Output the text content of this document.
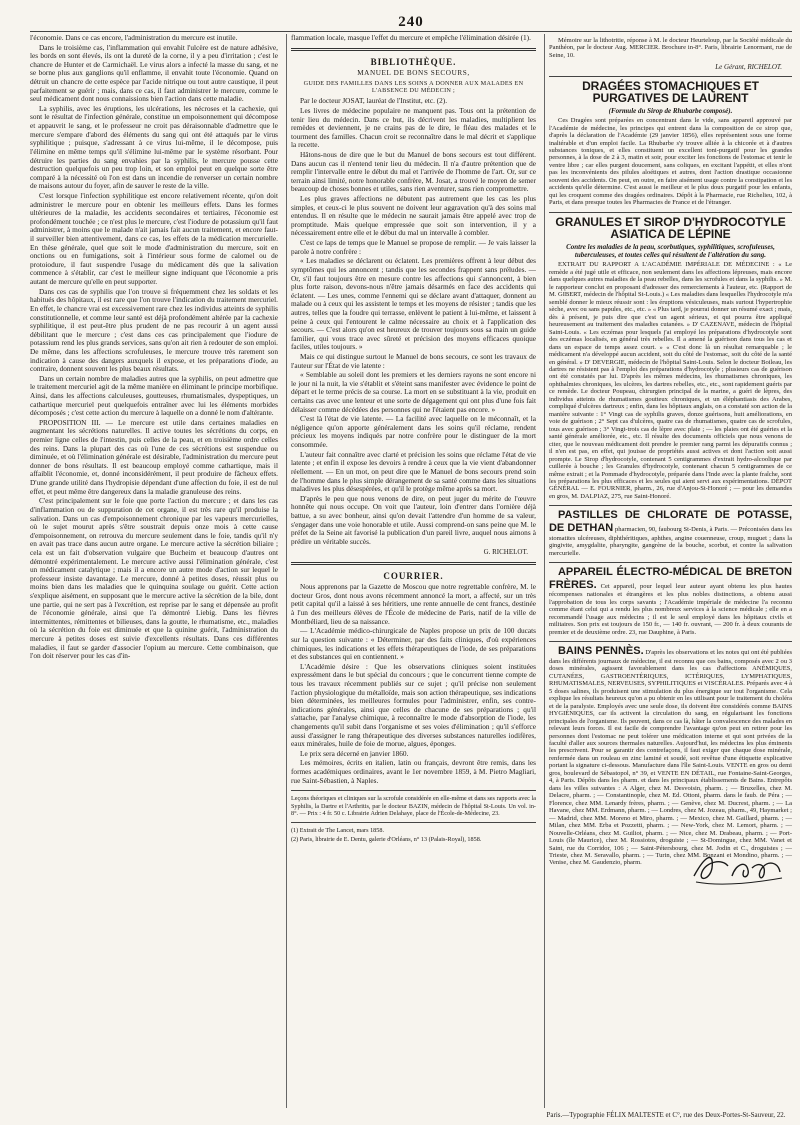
240

l'économie. Dans ce cas encore, l'administration du mercure est inutile.

Dans le troisième cas, l'inflammation qui envahit l'ulcère est de nature adhésive, les bords en sont élevés, ils ont la dureté de la corne, il y a peu d'irritation ; c'est le chancre de Hunter et de Carmichaël. Le virus alors a infecté la masse du sang, et ne se borne plus aux ganglions qu'il enflamme, il envahit toute l'économie. Quand on détruit un chancre de cette espèce par l'acide nitrique ou tout autre caustique, il peut parfaitement se guérir ; mais, dans ce cas, il faut administrer le mercure, comme le seul médicament dont nous connaissions bien l'action dans cette maladie.

La syphilis, avec les éruptions, les ulcérations, les nécroses et la cachexie, qui sont le résultat de l'infection générale, constitue un empoisonnement qui décompose et appauvrit le sang, et le professeur ne croit pas déraisonnable d'admettre que le mercure s'empare d'abord des éléments du sang qui ont été attaqués par le virus syphilitique ; puisque, s'adressant à ce virus lui-même, il le décompose, puis l'élimine en même temps qu'il s'élimine lui-même par le système résorbant. Pour détruire les parties du sang envahies par la syphilis, le mercure pousse cette destruction quelquefois un peu trop loin, et son emploi peut en quelque sorte être comparé à la nécessité où l'on est dans un incendie de renverser un certain nombre de maisons autour du foyer, afin de sauver le reste de la ville.

C'est lorsque l'infection syphilitique est encore relativement récente, qu'on doit administrer le mercure pour en obtenir les meilleurs effets. Dans les formes ultérieures de la maladie, les accidents secondaires et tertiaires, l'économie est profondément touchée ; ce n'est plus le mercure, c'est l'iodure de potassium qu'il faut administrer, à moins que le malade n'ait jamais fait aucun traitement, et encore faut-il surveiller bien attentivement, dans ce cas, les effets de la médication mercurielle. En thèse générale, quel que soit le mode d'administration du mercure, soit en onctions ou en fumigations, soit à l'intérieur sous forme de calomel ou de protoiodure, il faut suspendre l'usage du médicament dès que la salivation commence à s'établir, car c'est le meilleur signe indiquant que l'économie a pris autant de mercure qu'elle en peut supporter.

Dans ces cas de syphilis que l'on trouve si fréquemment chez les soldats et les habitués des hôpitaux, il est rare que l'on trouve l'indication du traitement mercuriel. En effet, le chancre vrai est excessivement rare chez les individus atteints de syphilis constitutionnelle, et comme leur santé est déjà profondément altérée par la cachexie syphilitique, il est peut-être plus prudent de ne pas recourir à un agent aussi débilitant que le mercure ; c'est dans ces cas principalement que l'iodure de potassium rend les plus grands services, sans qu'on ait rien à redouter de son emploi. De même, dans les affections scrofuleuses, le mercure trouve très rarement son indication à cause des dangers auxquels il expose, et les préparations d'iode, au contraire, donnent souvent les plus beaux résultats.

Dans un certain nombre de maladies autres que la syphilis, on peut admettre que le traitement mercuriel agit de la même manière en éliminant le principe morbifique. Ainsi, dans les affections calculeuses, goutteuses, rhumatismales, dyspeptiques, un cathartique mercuriel peut quelquefois entraîner avec lui les éléments morbides décomposés ; c'est cette action du mercure à laquelle on a donné le nom d'altérante.

PROPOSITION III. — Le mercure est utile dans certaines maladies en augmentant les sécrétions naturelles. Il active toutes les sécrétions du corps, en premier ligne celles de l'intestin, puis celles de la peau, et en troisième ordre celles des reins. Dans la plupart des cas où l'une de ces sécrétions est suspendue ou diminuée, et où l'élimination générale est désirable, l'administration du mercure peut donner de bons résultats. Il est beaucoup employé comme cathartique, mais il affaiblit l'économie, et, donné inconsidérément, il peut produire de fâcheux effets. D'une grande utilité dans l'hydropisie dépendant d'une affection du foie, il est de nul effet, et peut même être dangereux dans la maladie granuleuse des reins.

C'est principalement sur le foie que porte l'action du mercure ; et dans les cas d'inflammation ou de suppuration de cet organe, il est très rare qu'il produise la salivation. Dans un cas d'empoisonnement chronique par les vapeurs mercurielles, où le sujet mourut après s'être soustrait depuis onze mois à cette cause d'empoisonnement, on retrouva du mercure seulement dans le foie, tandis qu'il n'y en avait pas trace dans aucun autre organe. Le mercure active la sécrétion biliaire ; cela est un fait d'observation vulgaire que Bucheim et beaucoup d'autres ont démontré expérimentalement. Le mercure active aussi l'élimination générale, c'est un médicament catalytique ; mais il a encore un autre mode d'action sur lequel le professeur insiste davantage. Le mercure, donné à petites doses, réussit plus ou moins bien dans les maladies que le quinquina soulage ou guérit. Cette action s'explique aisément, en supposant que le mercure active la sécrétion de la bile, dont une partie, qui ne sert pas à l'excrétion, est reprise par le sang et dépensée au profit de l'économie générale, ainsi que l'a démontré Liebig. Dans les fièvres intermittentes, rémittentes et bilieuses, dans la goutte, le rhumatisme, etc., maladies où la sécrétion du foie est diminuée et que la quinine guérit, l'administration du mercure à petites doses est suivie d'excellents résultats. Dans ces différentes maladies, il faut se garder d'associer l'opium au mercure. Cette combinaison, que l'on doit réserver pour les cas d'in-

flammation locale, masque l'effet du mercure et empêche l'élimination désirée (1).

BIBLIOTHÈQUE.
MANUEL DE BONS SECOURS,
GUIDE DES FAMILLES DANS LES SOINS A DONNER AUX MALADES EN L'ABSENCE DU MÉDECIN ;

Par le docteur JOSAT, lauréat de l'Institut, etc. (2).

Les livres de médecine populaire ne manquent pas. Tous ont la prétention de tenir lieu du médecin. Dans ce but, ils décrivent les maladies, multiplient les remèdes et deviennent, je ne crains pas de le dire, le fléau des malades et le tourment des familles. Chacun croit se reconnaître dans le mal décrit et s'applique la recette.

Hâtons-nous de dire que le but du Manuel de bons secours est tout différent. Dans aucun cas il n'entend tenir lieu du médecin. Il n'a d'autre prétention que de remplir l'intervalle entre le début du mal et l'arrivée de l'homme de l'art. Or, sur ce terrain ainsi limité, notre honorable confrère, M. Josat, a trouvé le moyen de semer beaucoup de choses bonnes et utiles, sans rien aventurer, sans rien compromettre.

Les plus graves affections ne débutent pas autrement que les cas les plus simples, et ceux-ci le plus souvent ne doivent leur aggravation qu'à des soins mal entendus. Il en résulte que le médecin ne saurait jamais être appelé avec trop de promptitude. Mais quelque empressée que soit son intervention, il y a nécessairement entre elle et le début du mal un intervalle à combler.

C'est ce laps de temps que le Manuel se propose de remplir. — Je vais laisser la parole à notre confrère :

« Les maladies se déclarent ou éclatent. Les premières offrent à leur début des symptômes qui les annoncent ; tandis que les secondes frappent sans préludes. — Or, s'il faut toujours être en mesure contre les affections qui s'annoncent, à bien plus forte raison, devons-nous n'être jamais désarmés en face des accidents qui éclatent. — Les unes, comme l'ennemi qui se déclare avant d'attaquer, donnent au malade ou à ceux qui les assistent le temps et les moyens de résister ; tandis que les autres, telles que la foudre qui terrasse, enlèvent le patient à lui-même, et laissent à peine à ceux qui l'entourent le calme nécessaire au choix et à l'application des secours. — C'est alors qu'on est heureux de trouver toujours sous sa main un guide familier, qui vous trace avec sûreté et précision des moyens efficaces quoique faciles, utiles toujours. »

Mais ce qui distingue surtout le Manuel de bons secours, ce sont les travaux de l'auteur sur l'État de vie latente :

« Semblable au soleil dont les premiers et les derniers rayons ne sont encore ni le jour ni la nuit, la vie s'établit et s'éteint sans manifester avec évidence le point de départ et le terme précis de sa course. La mort en se substituant à la vie, produit en certains cas avec une lenteur et une sorte de dégagement qui ont plus d'une fois fait délaisser comme décédées des personnes qui ne l'étaient pas encore. »

C'est là l'état de vie latente. — La facilité avec laquelle on le méconnaît, et la négligence qu'on apporte généralement dans les soins qu'il réclame, rendent précieux les moyens indiqués par notre confrère pour le distinguer de la mort consommée.

L'auteur fait connaître avec clarté et précision les soins que réclame l'état de vie latente ; et enfin il expose les devoirs à rendre à ceux que la vie vient d'abandonner réellement. — En un mot, on peut dire que le Manuel de bons secours prend soin de l'homme dans le plus simple dérangement de sa santé comme dans les situations maladives les plus désespérées, et qu'il le protège même après sa mort.

D'après le peu que nous venons de dire, on peut juger du mérite de l'œuvre honnête qui nous occupe. On voit que l'auteur, loin d'entrer dans l'ornière déjà battue, a su avec bonheur, ainsi qu'on devait l'attendre d'un homme de sa valeur, s'engager dans une voie honorable et utile. Aussi comprend-on sans peine que M. le préfet de la Seine ait favorisé la publication d'un pareil livre, auquel nous aimons à prédire un véritable succès.

G. RICHELOT.
COURRIER.

Nous apprenons par la Gazette de Moscou que notre regrettable confrère, M. le docteur Gros, dont nous avons récemment annoncé la mort, a affecté, sur un très petit capital qu'il a laissé à ses héritiers, une rente annuelle de cent francs, destinée à l'un des meilleurs élèves de l'École de médecine de Paris, natif de la ville de Montbéliard, lieu de sa naissance.

— L'Académie médico-chirurgicale de Naples propose un prix de 100 ducats sur la question suivante : « Déterminer, par des faits cliniques, d'où expériences chimiques, les indications et les effets thérapeutiques de l'iode, de ses préparations et des substances qui en contiennent. »

L'Académie désire : Que les observations cliniques soient instituées expressément dans le but spécial du concours ; que le concurrent tienne compte de tous les travaux récemment publiés sur ce sujet ; qu'il précise non seulement l'action physiologique du métalloïde, mais son action thérapeutique, ses indications bien déterminées, les meilleures formules pour l'administrer, enfin, ses contre-indications générales, ainsi que celles de chacune de ses préparations ; qu'il s'attache, par l'analyse chimique, à reconnaître le mode d'absorption de l'iode, les changements qu'il subit dans l'organisme et ses voies d'élimination ; qu'il s'efforce aussi d'assigner le rang thérapeutique des diverses substances naturelles iodifères, eaux minérales, huile de foie de morue, algues, éponges.

Le prix sera décerné en janvier 1860.

Les mémoires, écrits en italien, latin ou français, devront être remis, dans les formes académiques ordinaires, avant le 1er novembre 1859, à M. Pietro Magliari, rue Saint-Sébastien, à Naples.

Leçons théoriques et cliniques sur la scrofule considérée en elle-même et dans ses rapports avec la Syphilis, la Dartre et l'Arthritis, par le docteur BAZIN, médecin de l'hôpital St-Louis. Un vol. in-8°. — Prix : 4 fr. 50 c. Librairie Adrien Delahaye, place de l'École-de-Médecine, 23.

(1) Extrait de The Lancet, mars 1858.

(2) Paris, librairie de E. Dentu, galerie d'Orléans, n° 13 (Palais-Royal), 1858.

Mémoire sur la lithotritie, réponse à M. le docteur Heurteloup, par la Société médicale du Panthéon, par le docteur Aug. MERCIER. Brochure in-8°. Paris, librairie Lenormant, rue de Seine, 10.

Le Gérant, RICHELOT.
DRAGÉES STOMACHIQUES ET PURGATIVES DE LAURENT
(Formule du Sirop de Rhubarbe composé).

Ces Dragées sont préparées en concentrant dans le vide, sans appareil approuvé par l'Académie de médecine, les principes qui entrent dans la composition de ce sirop que, d'après la déclaration de l'Académie (29 janvier 1856), elles représentent sous une forme inaltérable et d'un emploi facile. La Rhubarbe s'y trouve alliée à la chicorée et à d'autres substances toniques, et elles constituent un excellent toni-purgatif pour les grandes personnes, à la dose de 2 à 3, matin et soir, pour exciter les fonctions de l'estomac et tenir le ventre libre ; car elles purgent doucement, sans coliques, en excitant l'appétit, et elles n'ont pas les inconvénients des pilules aloétiques et autres, dont l'action drastique occasionne souvent des accidents. On peut, en outre, en faire aisément usage contre la constipation et les accidents qu'elle détermine. C'est aussi le meilleur et le plus doux purgatif pour les enfants, qui les croquent comme des dragées ordinaires. Dépôt à la Pharmacie, rue Richelieu, 102, à Paris, et dans presque toutes les Pharmacies de France et de l'étranger.

GRANULES ET SIROP D'HYDROCOTYLE ASIATICA DE LÉPINE
Contre les maladies de la peau, scorbutiques, syphilitiques, scrofuleuses, tuberculeuses, et toutes celles qui résultent de l'altération du sang.

EXTRAIT DU RAPPORT A L'ACADÉMIE IMPÉRIALE DE MÉDECINE : « Le remède a été jugé utile et efficace, non seulement dans les affections lépreuses, mais encore dans quelques autres maladies de la peau rebelles, dans les scrofules et dans la syphilis. » M. le rapporteur conclut en proposant d'adresser des remerciements à l'auteur, etc. (Rapport de M. GIBERT, médecin de l'hôpital St-Louis.) « Les maladies dans lesquelles l'hydrocotyle m'a semblé donner le mieux réussir sont : les éruptions vésiculeuses, mais surtout l'hypertrophie sèche, avec ou sans papules, etc., etc. » « Plus tard, je pourrai donner un résumé exact ; mais, dès à présent, je puis dire que c'est un agent sérieux, et qui pourra être appliqué heureusement au traitement des maladies cutanées. » D' CAZENAVE, médecin de l'hôpital Saint-Louis. « Les eczémas pour lesquels j'ai employé les préparations d'hydrocotyle sont des eczémas localisés, en général très rebelles. Il a amené la guérison dans tous les cas et dans un espace de temps assez court. » « C'est donc là un résultat remarquable ; le médicament n'a développé aucun accident, soit du côté de l'estomac, soit du côté de la santé en général. » D' DEVERGIE, médecin de l'hôpital Saint-Louis. Selon le docteur Boileau, les dartres ne résistent pas à l'emploi des préparations d'hydrocotyle ; plusieurs cas de guérison ont été constatés par lui. D'après les mêmes médecins, les rhumatismes chroniques, les ophthalmies chroniques, les ulcères, les dartres rebelles, etc., etc., sont rapidement guéris par ce remède. Le docteur Poupeau, chirurgien principal de la marine, a guéri de lèpres, des individus atteints de rhumatismes goutteux chroniques, et un éléphantiasis des Arabes, compliqué d'ulcères dartreux ; enfin, dans les hôpitaux anglais, on a constaté son action de la manière suivante : 1° Vingt cas de syphilis graves, donze guérisons, huit améliorations, en voie de guérison ; 2° Sept cas d'ulcères, quatre cas de rhumatismes, quatre cas de scrofules, tous avec guérison ; 3° Vingt-trois cas de lèpre avec plaie ; — les plaies ont été guéries et la santé générale améliorée, etc., etc. Il résulte des documents officiels que nous venons de citer, que le nouveau médicament doit prendre le premier rang parmi les dépuratifs connus ; il n'en est pas, en effet, qui jouisse de propriétés aussi actives et dont l'action soit aussi prompte. Le Sirop d'hydrocotyle, contenant 5 centigrammes d'extrait hydro-alcoolique par cuillerée à bouche ; les Granules d'hydrocotyle, contenant chacun 5 centigrammes de ce même extrait ; et la Pommade d'hydrocotyle, préparée dans l'Inde avec la plante fraîche, sont les préparations les plus efficaces et les seules qui aient servi aux expérimentations. DÉPOT GÉNÉRAL — E. FOURNIER, pharm., 26, rue d'Anjou-St-Honoré ; — pour les demandes en gros, M. DALPIAZ, 275, rue Saint-Honoré.

PASTILLES DE CHLORATE DE POTASSE, DE DETHAN pharmacien, 90, faubourg St-Denis, à Paris. — Préconisées dans les stomatites ulcéreuses, diphthéritiques, aphthes, angine couenneuse, croup, muguet ; dans la gingivite, amygdalite, pharyngite, gangrène de la bouche, scorbut, et contre la salivation mercurielle.

APPAREIL ÉLECTRO-MÉDICAL DE BRETON FRÈRES. Cet appareil, pour lequel leur auteur ayant obtenu les plus hautes récompenses nationales et étrangères et les plus nobles distinctions, a obtenu aussi l'approbation de tous les corps savants ; l'Académie impériale de médecine l'a reconnu comme étant celui qui a rendu les plus nombreux services à la science médicale ; elle en a recommandé l'usage aux médecins ; il est le seul employé dans les hôpitaux civils et militaires. Son prix est toujours de 150 fr., — 140 fr. ouvrant, — 200 fr. à deux courants de premier et de deuxième ordre. 23, rue Dauphine, à Paris.

BAINS PENNÈS. D'après les observations et les notes qui ont été publiées dans les différents journaux de médecine, il est reconnu que ces bains, composés avec 2 ou 3 doses minérales, agissent favorablement dans les cas d'affections ANÉMIQUES, CUTANÉES, GASTROENTÉRIQUES, ICTÉRIQUES, LYMPHATIQUES, RHUMATISMALES, NERVEUSES, SYPHILITIQUES et VISCÉRALES. Préparés avec 4 à 5 doses salines, ils produisent une stimulation du plus énergique sur tout l'organisme. Cela explique les résultats heureux qu'on a pu obtenir en les utilisant pour le traitement du choléra et de la paralysie. Employés avec une seule dose, ils doivent être considérés comme BAINS HYGIÉNIQUES, car ils activent la circulation du sang, en régularisant les fonctions principales de l'organisme. Ils peuvent, dans ce cas là, hâter la convalescence des malades en relevant leurs forces. Il est facile de comprendre l'avantage qu'on peut en retirer pour les personnes dont l'estomac ne peut tolérer une médication interne et qui sont privées de la faculté d'aller aux sources thermales naturelles. Aujourd'hui, les médecins les plus éminents les prescrivent. Pour se garantir des contrefaçons, il faut exiger que chaque dose minérale, renfermée dans un rouleau en zinc laminé et soudé, soit revêtue d'une étiquette explicative portant la signature ci-dessous. Manufacture dans l'île Saint-Louis. VENTE en gros ou demi gros, boulevard de Sébastopol, n° 39, et VENTE EN DÉTAIL, rue Fontaine-Saint-Georges, 4, à Paris. Dépôts dans les pharm. et dans les principaux établissements de Bains. Entrepôts dans les villes suivantes : A Alger, chez M. Desvoisin, pharm. ; — Bruxelles, chez M. Delacre, pharm. ; — Constantinople, chez M. Ed. Ottoni, pharm. dans le faub. de Péra ; — Florence, chez MM. Lenardy frères, pharm. ; — Genève, chez M. Ducrest, pharm. ; — La Havane, chez MM. Erdmann, pharm. ; — Londres, chez M. Jozeau, pharm., 49, Haymarket ; — Madrid, chez MM. Moreno et Miro, pharm. ; — Mexico, chez M. Gaillard, pharm. ; — Milan, chez MM. Erba et Pozzetti, pharm. ; — New-York, chez M. Lemort, pharm. ; — Nouvelle-Orléans, chez M. Guiliot, pharm. ; — Nice, chez M. Drabeau, pharm. ; — Port-Louis (île Maurice), chez M. Rossiotos, droguiste ; — St-Domingue, chez MM. Vanet et Saint, rue du Corridor, 106 ; — Saint-Pétersbourg, chez M. Jodin et C., droguistes ; — Trieste, chez M. Seravallo, pharm. ; — Turin, chez MM. Bonzani et Mondino, pharm. ; — Venise, chez M. Gaudenzio, pharm.

Paris.—Typographie FÉLIX MALTESTE et C°, rue des Deux-Portes-St-Sauveur, 22.
